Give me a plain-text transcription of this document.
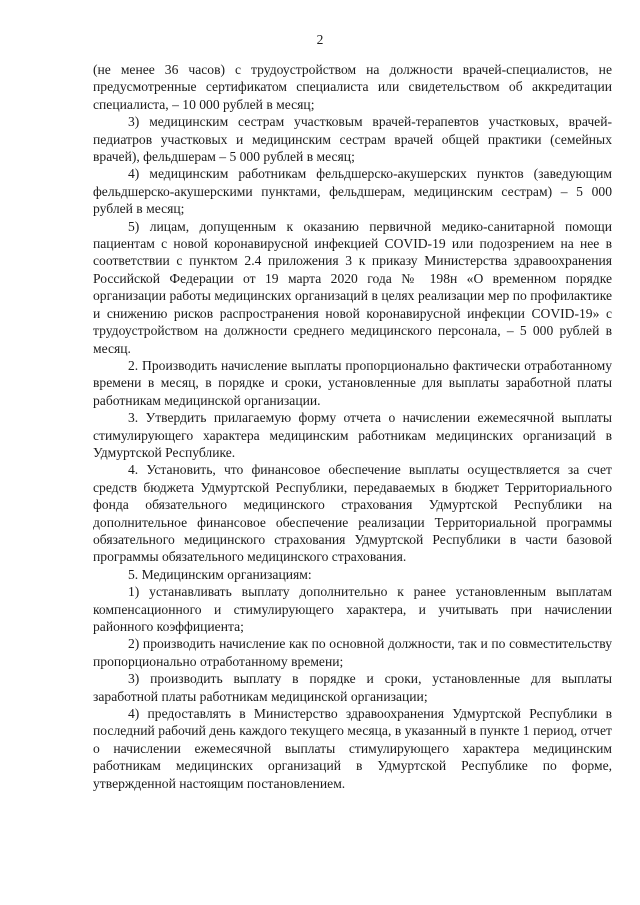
2

(не менее 36 часов) с трудоустройством на должности врачей-специалистов, не предусмотренные сертификатом специалиста или свидетельством об аккредитации специалиста, – 10 000 рублей в месяц;

3) медицинским сестрам участковым врачей-терапевтов участковых, врачей-педиатров участковых и медицинским сестрам врачей общей практики (семейных врачей), фельдшерам – 5 000 рублей в месяц;

4) медицинским работникам фельдшерско-акушерских пунктов (заведующим фельдшерско-акушерскими пунктами, фельдшерам, медицинским сестрам) – 5 000 рублей в месяц;

5) лицам, допущенным к оказанию первичной медико-санитарной помощи пациентам с новой коронавирусной инфекцией COVID-19 или подозрением на нее в соответствии с пунктом 2.4 приложения 3 к приказу Министерства здравоохранения Российской Федерации от 19 марта 2020 года № 198н «О временном порядке организации работы медицинских организаций в целях реализации мер по профилактике и снижению рисков распространения новой коронавирусной инфекции COVID-19» с трудоустройством на должности среднего медицинского персонала, – 5 000 рублей в месяц.

2. Производить начисление выплаты пропорционально фактически отработанному времени в месяц, в порядке и сроки, установленные для выплаты заработной платы работникам медицинской организации.

3. Утвердить прилагаемую форму отчета о начислении ежемесячной выплаты стимулирующего характера медицинским работникам медицинских организаций в Удмуртской Республике.

4. Установить, что финансовое обеспечение выплаты осуществляется за счет средств бюджета Удмуртской Республики, передаваемых в бюджет Территориального фонда обязательного медицинского страхования Удмуртской Республики на дополнительное финансовое обеспечение реализации Территориальной программы обязательного медицинского страхования Удмуртской Республики в части базовой программы обязательного медицинского страхования.

5. Медицинским организациям:

1) устанавливать выплату дополнительно к ранее установленным выплатам компенсационного и стимулирующего характера, и учитывать при начислении районного коэффициента;

2) производить начисление как по основной должности, так и по совместительству пропорционально отработанному времени;

3) производить выплату в порядке и сроки, установленные для выплаты заработной платы работникам медицинской организации;

4) предоставлять в Министерство здравоохранения Удмуртской Республики в последний рабочий день каждого текущего месяца, в указанный в пункте 1 период, отчет о начислении ежемесячной выплаты стимулирующего характера медицинским работникам медицинских организаций в Удмуртской Республике по форме, утвержденной настоящим постановлением.
